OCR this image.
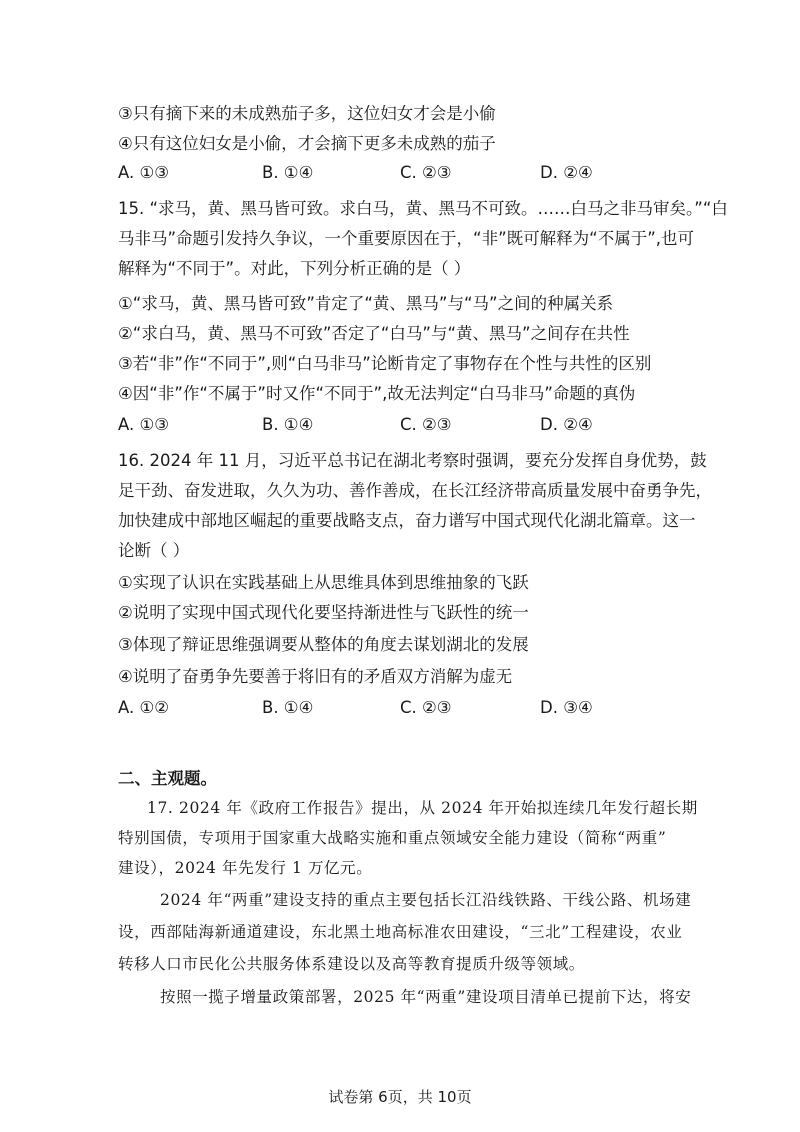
③只有摘下来的未成熟茄子多，这位妇女才会是小偷
④只有这位妇女是小偷，才会摘下更多未成熟的茄子
A. ①③	B. ①④	C. ②③	D. ②④
15. “求马，黄、黑马皆可致。求白马，黄、黑马不可致。……白马之非马审矣。”“白
马非马”命题引发持久争议，一个重要原因在于，“非”既可解释为“不属于”,也可
解释为“不同于”。对此，下列分析正确的是（ ）
①“求马，黄、黑马皆可致”肯定了“黄、黑马”与“马”之间的种属关系
②“求白马，黄、黑马不可致”否定了“白马”与“黄、黑马”之间存在共性
③若“非”作“不同于”,则“白马非马”论断肯定了事物存在个性与共性的区别
④因“非”作“不属于”时又作“不同于”,故无法判定“白马非马”命题的真伪
A. ①③	B. ①④	C. ②③	D. ②④
16. 2024 年 11 月，习近平总书记在湖北考察时强调，要充分发挥自身优势，鼓
足干劲、奋发进取，久久为功、善作善成，在长江经济带高质量发展中奋勇争先，
加快建成中部地区崛起的重要战略支点，奋力谱写中国式现代化湖北篇章。这一
论断（ ）
①实现了认识在实践基础上从思维具体到思维抽象的飞跃
②说明了实现中国式现代化要坚持渐进性与飞跃性的统一
③体现了辩证思维强调要从整体的角度去谋划湖北的发展
④说明了奋勇争先要善于将旧有的矛盾双方消解为虚无
A. ①②	B. ①④	C. ②③	D. ③④
二、主观题。
17. 2024 年《政府工作报告》提出，从 2024 年开始拟连续几年发行超长期
特别国债，专项用于国家重大战略实施和重点领域安全能力建设（简称“两重”
建设），2024 年先发行 1 万亿元。
2024 年“两重”建设支持的重点主要包括长江沿线铁路、干线公路、机场建
设，西部陆海新通道建设，东北黑土地高标准农田建设，“三北”工程建设，农业
转移人口市民化公共服务体系建设以及高等教育提质升级等领域。
按照一揽子增量政策部署，2025 年“两重”建设项目清单已提前下达，将安
试卷第 6页，共 10页
